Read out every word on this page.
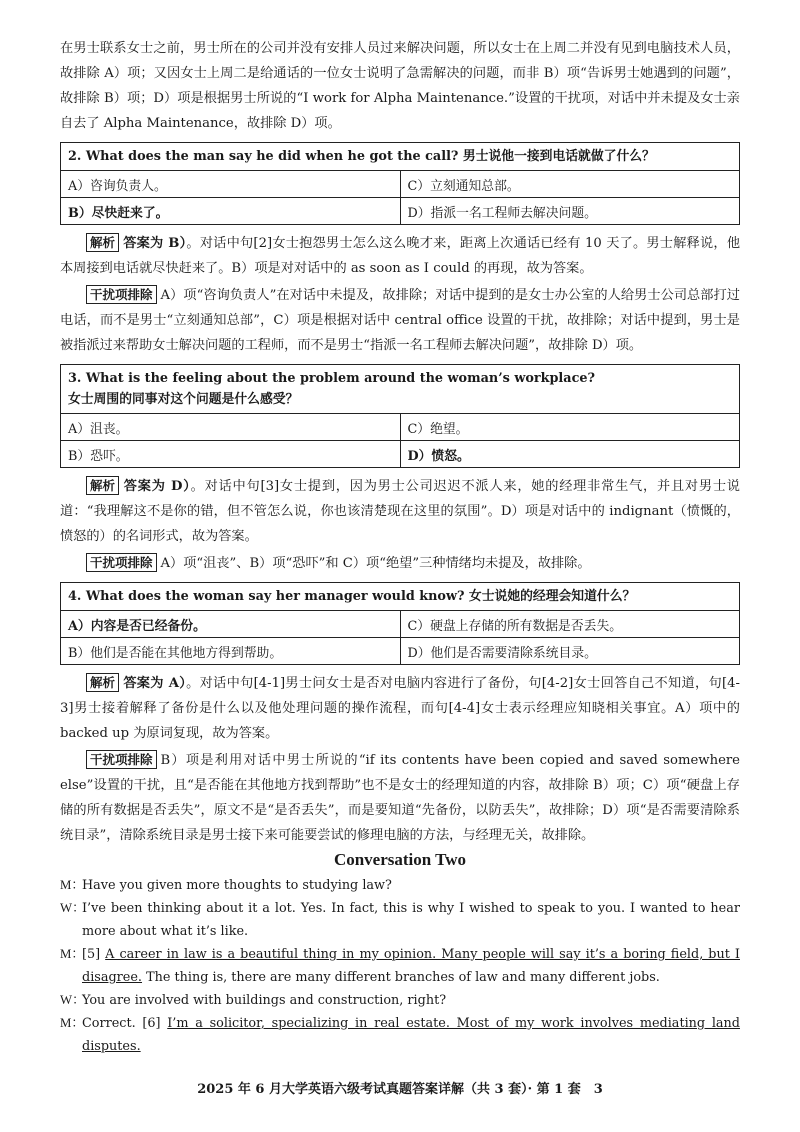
在男士联系女士之前，男士所在的公司并没有安排人员过来解决问题，所以女士在上周二并没有见到电脑技术人员，故排除 A）项；又因女士上周二是给通话的一位女士说明了急需解决的问题，而非 B）项“告诉男士她遇到的问题”，故排除 B）项；D）项是根据男士所说的“I work for Alpha Maintenance.”设置的干扰项，对话中并未提及女士亲自去了 Alpha Maintenance，故排除 D）项。

2. What does the man say he did when he got the call? 男士说他一接到电话就做了什么？	
A）咨询负责人。	C）立刻通知总部。
B）尽快赶来了。	D）指派一名工程师去解决问题。

解析 答案为 B）。对话中句[2]女士抱怨男士怎么这么晚才来，距离上次通话已经有 10 天了。男士解释说，他本周接到电话就尽快赶来了。B）项是对对话中的 as soon as I could 的再现，故为答案。

干扰项排除 A）项“咨询负责人”在对话中未提及，故排除；对话中提到的是女士办公室的人给男士公司总部打过电话，而不是男士“立刻通知总部”，C）项是根据对话中 central office 设置的干扰，故排除；对话中提到，男士是被指派过来帮助女士解决问题的工程师，而不是男士“指派一名工程师去解决问题”，故排除 D）项。

3. What is the feeling about the problem around the woman’s workplace?
女士周围的同事对这个问题是什么感受？	
A）沮丧。	C）绝望。
B）恐吓。	D）愤怒。

解析 答案为 D）。对话中句[3]女士提到，因为男士公司迟迟不派人来，她的经理非常生气，并且对男士说道：“我理解这不是你的错，但不管怎么说，你也该清楚现在这里的氛围”。D）项是对话中的 indignant（愤慨的，愤怒的）的名词形式，故为答案。

干扰项排除 A）项“沮丧”、B）项“恐吓”和 C）项“绝望”三种情绪均未提及，故排除。

4. What does the woman say her manager would know? 女士说她的经理会知道什么？	
A）内容是否已经备份。	C）硬盘上存储的所有数据是否丢失。
B）他们是否能在其他地方得到帮助。	D）他们是否需要清除系统目录。

解析 答案为 A）。对话中句[4-1]男士问女士是否对电脑内容进行了备份，句[4-2]女士回答自己不知道，句[4-3]男士接着解释了备份是什么以及他处理问题的操作流程，而句[4-4]女士表示经理应知晓相关事宜。A）项中的 backed up 为原词复现，故为答案。

干扰项排除 B）项是利用对话中男士所说的“if its contents have been copied and saved somewhere else”设置的干扰，且“是否能在其他地方找到帮助”也不是女士的经理知道的内容，故排除 B）项；C）项“硬盘上存储的所有数据是否丢失”，原文不是“是否丢失”，而是要知道“先备份，以防丢失”，故排除；D）项“是否需要清除系统目录”，清除系统目录是男士接下来可能要尝试的修理电脑的方法，与经理无关，故排除。

Conversation Two
M：
Have you given more thoughts to studying law?
W：
I’ve been thinking about it a lot. Yes. In fact, this is why I wished to speak to you. I wanted to hear more about what it’s like.
M：
[5] A career in law is a beautiful thing in my opinion. Many people will say it’s a boring field, but I disagree. The thing is, there are many different branches of law and many different jobs.
W：
You are involved with buildings and construction, right?
M：
Correct. [6] I’m a solicitor, specializing in real estate. Most of my work involves mediating land disputes.
2025 年 6 月大学英语六级考试真题答案详解（共 3 套）· 第 1 套　3
